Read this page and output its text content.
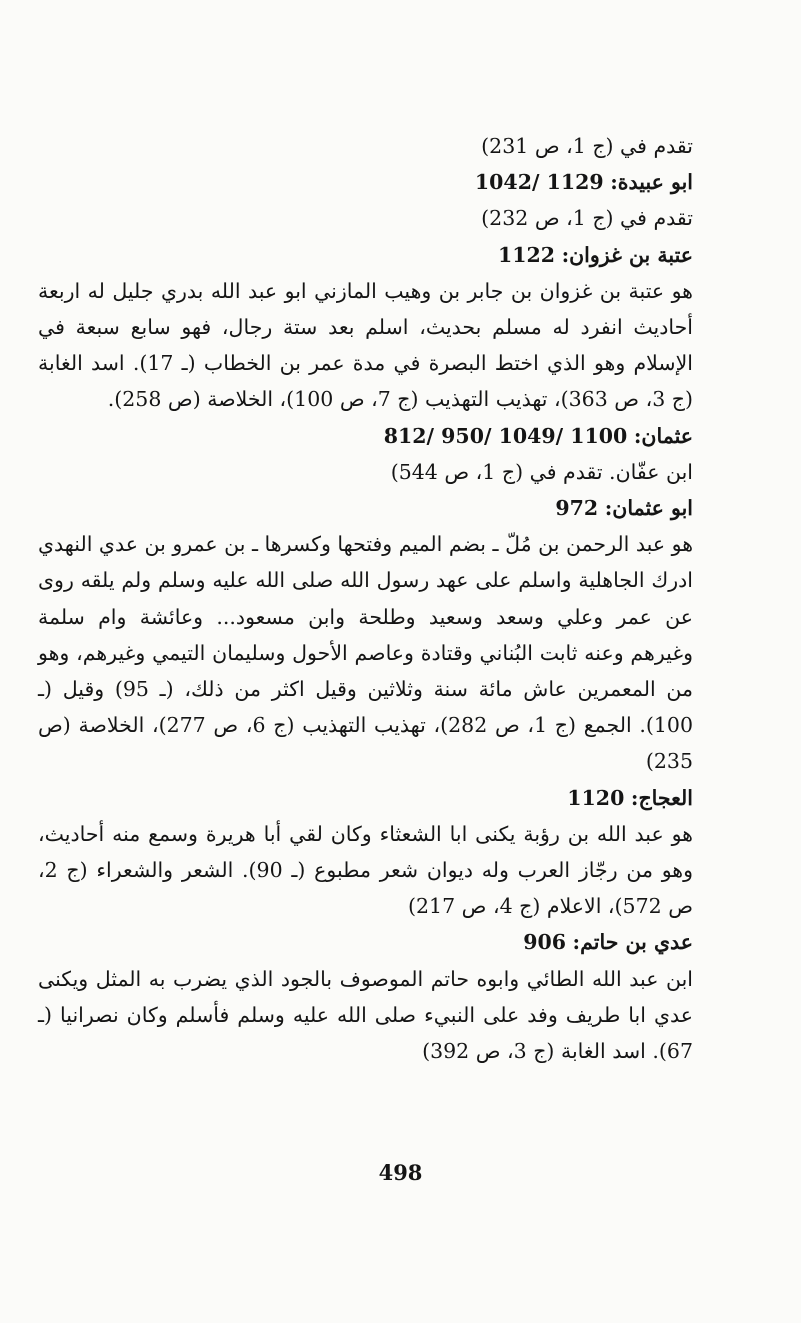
تقدم في (ج 1، ص 231)
ابو عبيدة: 1042/ 1129
تقدم في (ج 1، ص 232)
عتبة بن غزوان: 1122
هو عتبة بن غزوان بن جابر بن وهيب المازني ابو عبد الله بدري جليل له اربعة أحاديث انفرد له مسلم بحديث، اسلم بعد ستة رجال، فهو سابع سبعة في الإسلام وهو الذي اختط البصرة في مدة عمر بن الخطاب (ـ 17). اسد الغابة (ج 3، ص 363)، تهذيب التهذيب (ج 7، ص 100)، الخلاصة (ص 258).
عثمان: 812/ 950/ 1049/ 1100
ابن عفّان. تقدم في (ج 1، ص 544)
ابو عثمان: 972
هو عبد الرحمن بن مُلّ ـ بضم الميم وفتحها وكسرها ـ بن عمرو بن عدي النهدي ادرك الجاهلية واسلم على عهد رسول الله صلى الله عليه وسلم ولم يلقه روى عن عمر وعلي وسعد وسعيد وطلحة وابن مسعود... وعائشة وام سلمة وغيرهم وعنه ثابت البُناني وقتادة وعاصم الأحول وسليمان التيمي وغيرهم، وهو من المعمرين عاش مائة سنة وثلاثين وقيل اكثر من ذلك، (ـ 95) وقيل (ـ 100). الجمع (ج 1، ص 282)، تهذيب التهذيب (ج 6، ص 277)، الخلاصة (ص 235)
العجاج: 1120
هو عبد الله بن رؤبة يكنى ابا الشعثاء وكان لقي أبا هريرة وسمع منه أحاديث، وهو من رجّاز العرب وله ديوان شعر مطبوع (ـ 90). الشعر والشعراء (ج 2، ص 572)، الاعلام (ج 4، ص 217)
عدي بن حاتم: 906
ابن عبد الله الطائي وابوه حاتم الموصوف بالجود الذي يضرب به المثل ويكنى عدي ابا طريف وفد على النبيء صلى الله عليه وسلم فأسلم وكان نصرانيا (ـ 67). اسد الغابة (ج 3، ص 392)
498
